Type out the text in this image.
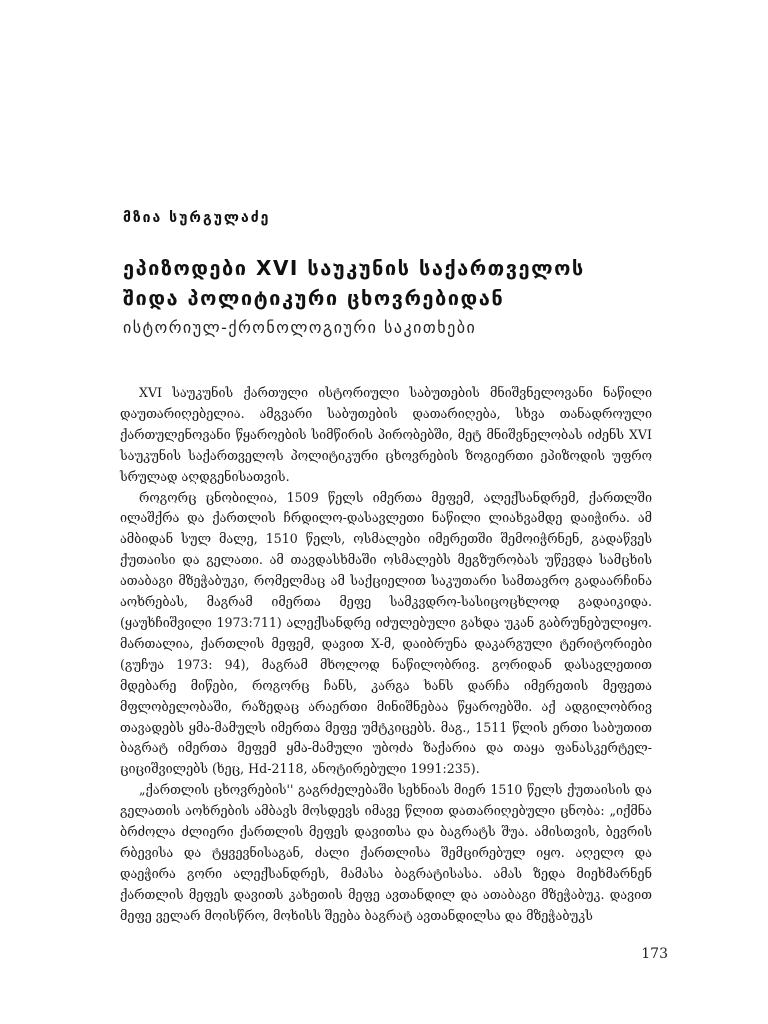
მზია სურგულაძე
ეპიზოდები XVI საუკუნის საქართველოს
შიდა პოლიტიკური ცხოვრებიდან
ისტორიულ-ქრონოლოგიური საკითხები

XVI საუკუნის ქართული ისტორიული საბუთების მნიშვნელოვანი ნაწილი დაუთარიღებელია. ამგვარი საბუთების დათარიღება, სხვა თანადროული ქართულენოვანი წყაროების სიმწირის პირობებში, მეტ მნიშვნელობას იძენს XVI საუკუნის საქართველოს პოლიტიკური ცხოვრების ზოგიერთი ეპიზოდის უფრო სრულად აღდგენისათვის.

როგორც ცნობილია, 1509 წელს იმერთა მეფემ, ალექსანდრემ, ქართლში ილაშქრა და ქართლის ჩრდილო-დასავლეთი ნაწილი ლიახვამდე დაიჭირა. ამ ამბიდან სულ მალე, 1510 წელს, ოსმალები იმერეთში შემოიჭრნენ, გადაწვეს ქუთაისი და გელათი. ამ თავდასხმაში ოსმალებს მეგზურობას უწევდა სამცხის ათაბაგი მზეჭაბუკი, რომელმაც ამ საქციელით საკუთარი სამთავრო გადაარჩინა აოხრებას, მაგრამ იმერთა მეფე სამკვდრო-სასიცოცხლოდ გადაიკიდა. (ყაუხჩიშვილი 1973:711) ალექსანდრე იძულებული გახდა უკან გაბრუნებულიყო. მართალია, ქართლის მეფემ, დავით X-მ, დაიბრუნა დაკარგული ტერიტორიები (გუჩუა 1973: 94), მაგრამ მხოლოდ ნაწილობრივ. გორიდან დასავლეთით მდებარე მიწები, როგორც ჩანს, კარგა ხანს დარჩა იმერეთის მეფეთა მფლობელობაში, რაზედაც არაერთი მინიშნებაა წყაროებში. აქ ადგილობრივ თავადებს ყმა-მამულს იმერთა მეფე უმტკიცებს. მაგ., 1511 წლის ერთი საბუთით ბაგრატ იმერთა მეფემ ყმა-მამული უბოძა ზაქარია და თაყა ფანასკერტელ-ციციშვილებს (ხეც, Hd-2118, ანოტირებული 1991:235).

„ქართლის ცხოვრების'' გაგრძელებაში სეხნიას მიერ 1510 წელს ქუთაისის და გელათის აოხრების ამბავს მოსდევს იმავე წლით დათარიღებული ცნობა: „იქმნა ბრძოლა ძლიერი ქართლის მეფეს დავითსა და ბაგრატს შუა. ამისთვის, ბევრის რბევისა და ტყვევნისაგან, ძალი ქართლისა შემცირებულ იყო. აღელო და დაეჭირა გორი ალექსანდრეს, მამასა ბაგრატისასა. ამას ზედა მიეხმარნენ ქართლის მეფეს დავითს კახეთის მეფე ავთანდილ და ათაბაგი მზეჭაბუკ. დავით მეფე ველარ მოისწრო, მოხისს შეება ბაგრატ ავთანდილსა და მზეჭაბუკს

173
